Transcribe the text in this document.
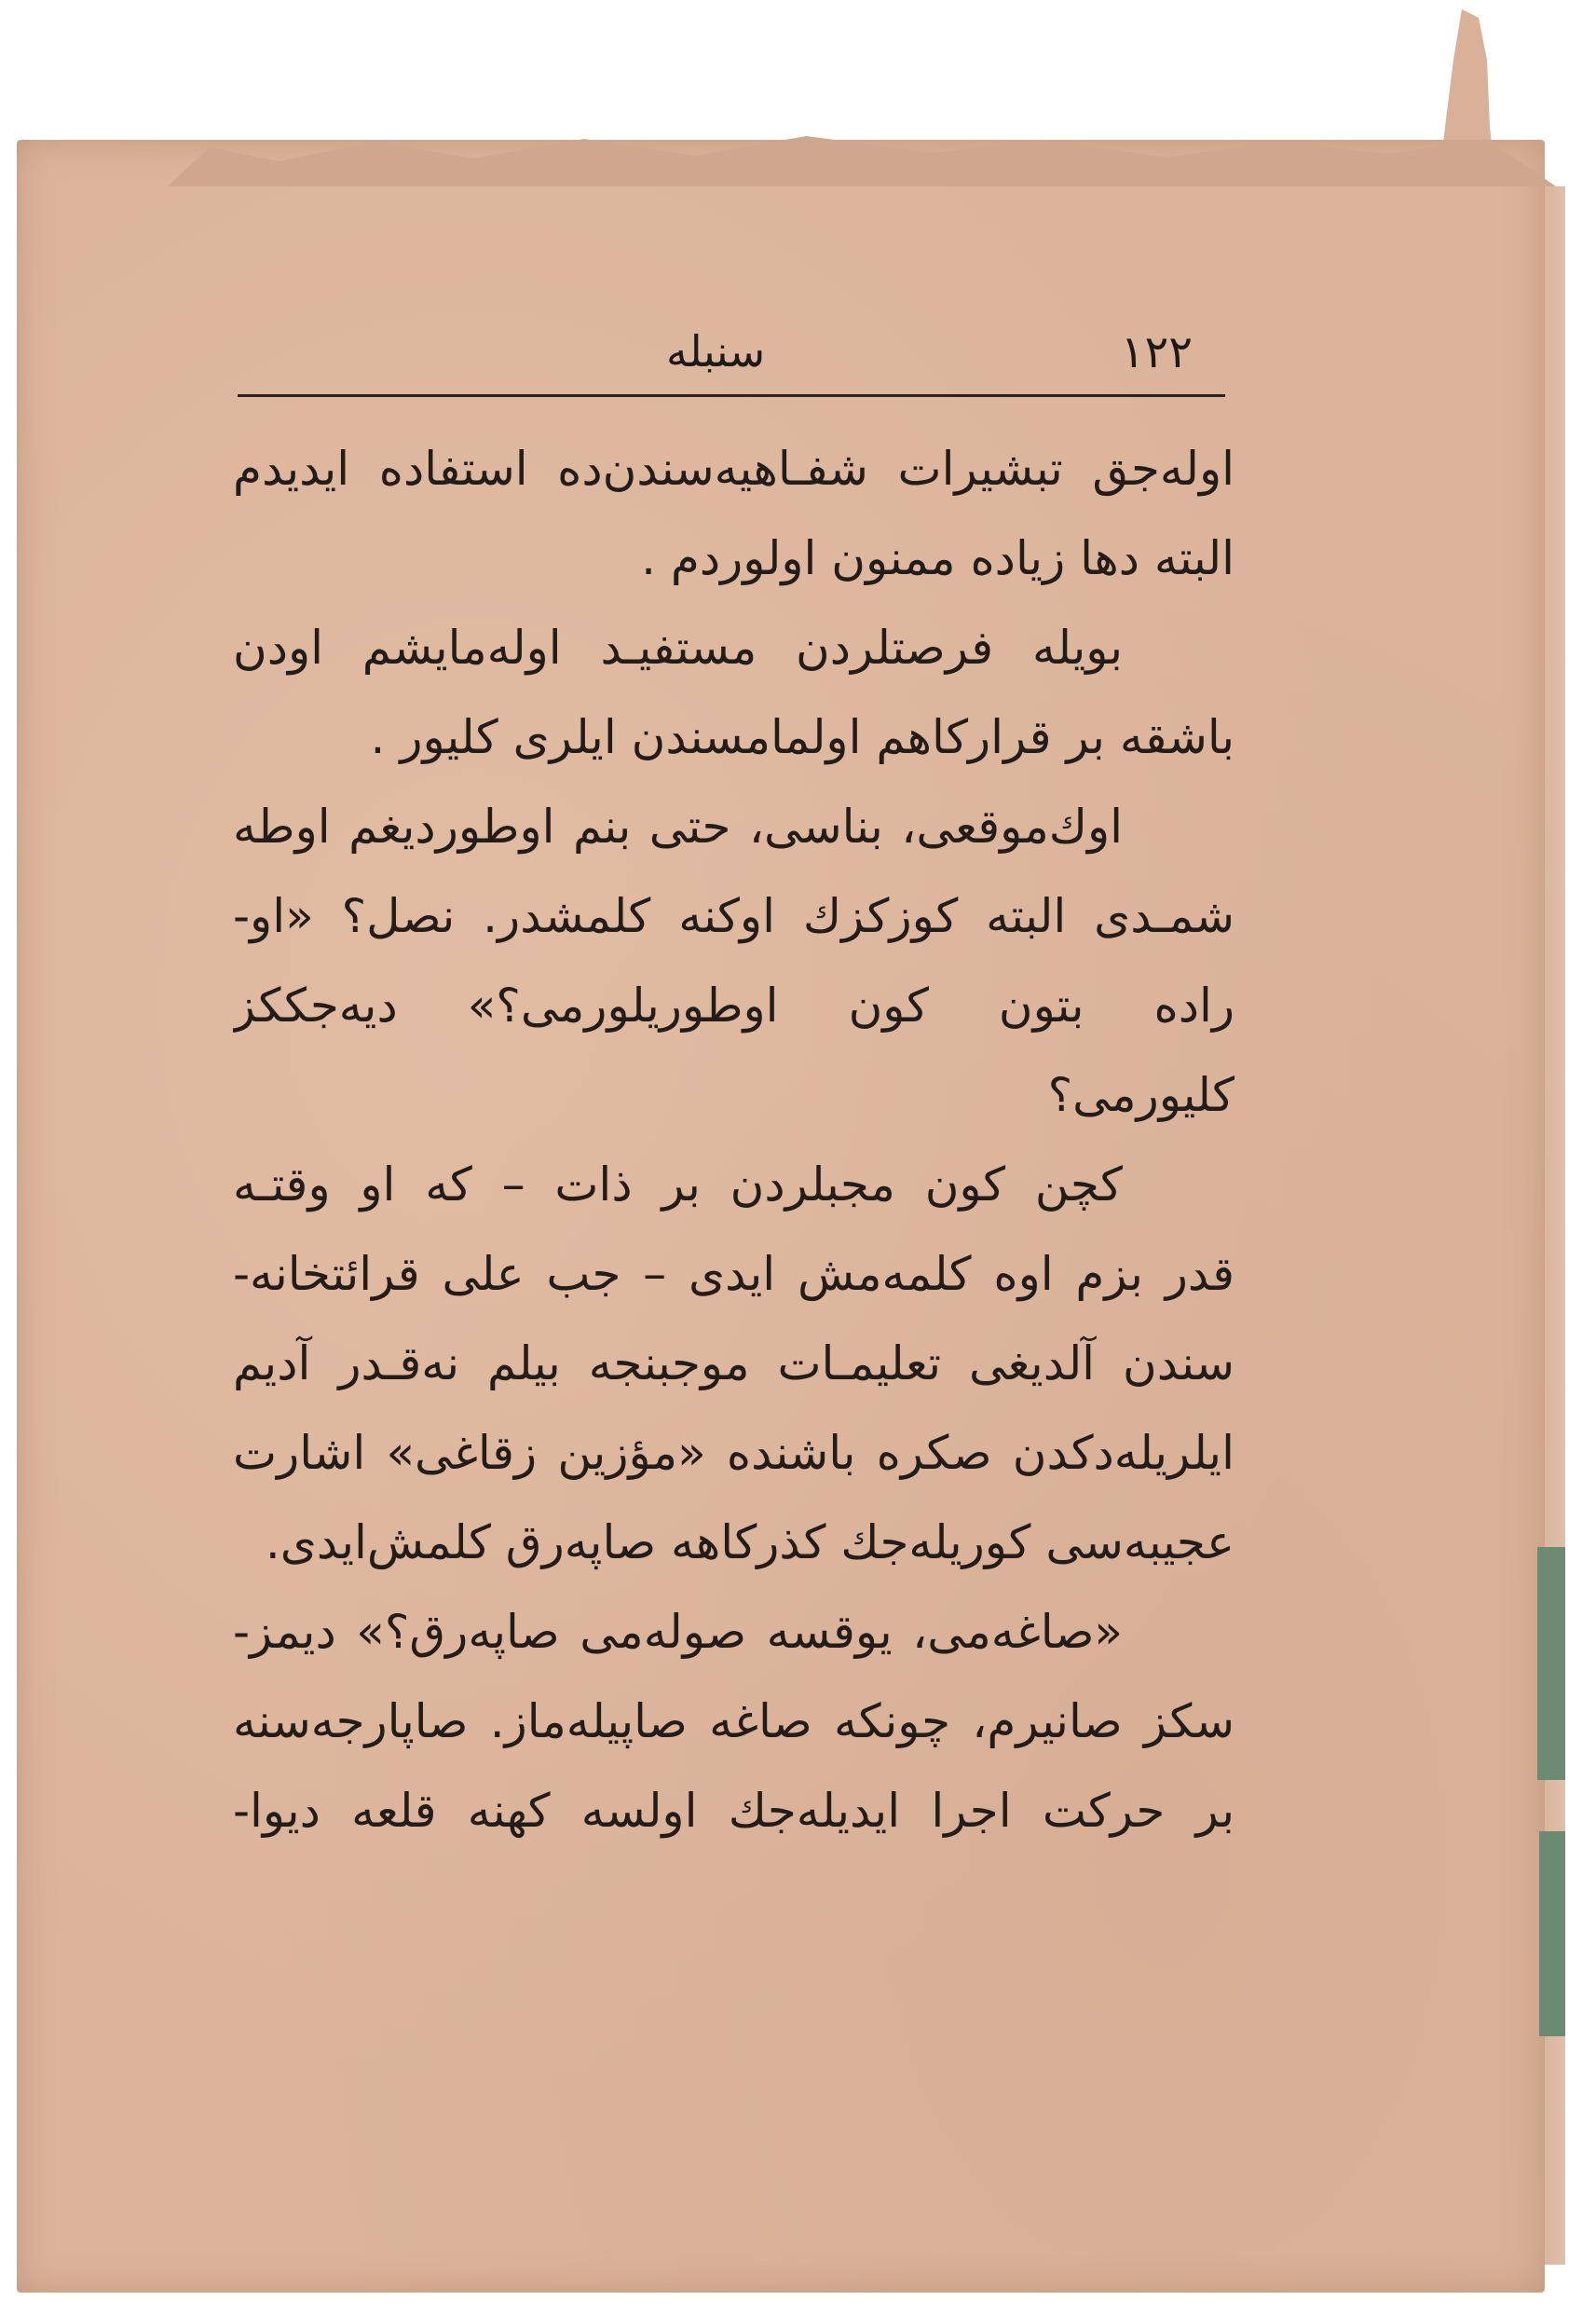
١٢٢
سنبله
اوله‌جق تبشیرات شفـاهیه‌سندن‌ده استفاده ایدیدم
البته دها زیاده ممنون اولوردم .
بویله فرصتلردن مستفیـد اوله‌مایشم اودن
باشقه بر قرارکاهم اولمامسندن ایلری کلیور .
اوك‌موقعی، بناسی، حتی بنم اوطوردیغم اوطه
شمـدی البته کوزکزك اوکنه کلمشدر. نصل؟ «او-
راده بتون کون اوطوریلورمی؟» دیه‌جککز
کلیورمی؟
کچن کون مجبلردن بر ذات – که او وقتـه
قدر بزم اوه کلمه‌مش ایدی – جب علی قرائتخانه-
سندن آلدیغی تعلیمـات موجبنجه بیلم نه‌قـدر آدیم
ایلریله‌دکدن صکره باشنده «مؤزین زقاغی» اشارت
عجیبه‌سی کوریله‌جك کذرکاهه صاپه‌رق کلمش‌ایدی.
«صاغه‌می، یوقسه صوله‌می صاپه‌رق؟» دیمز-
سکز صانیرم، چونکه صاغه صاپیله‌ماز. صاپارجه‌سنه
بر حرکت اجرا ایدیله‌جك اولسه کهنه قلعه دیوا-
